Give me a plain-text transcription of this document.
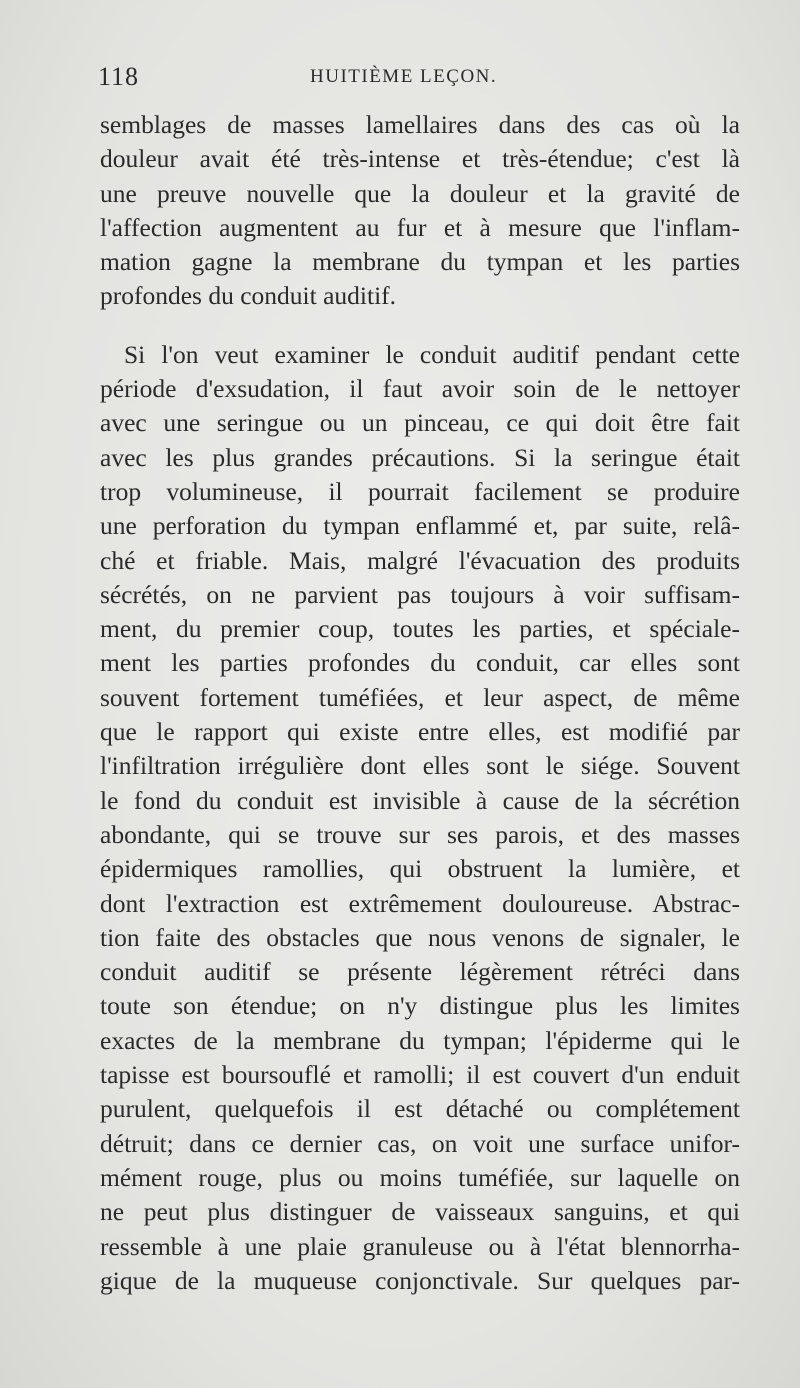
118	HUITIÈME LEÇON.
semblages de masses lamellaires dans des cas où la
douleur avait été très-intense et très-étendue; c'est là
une preuve nouvelle que la douleur et la gravité de
l'affection augmentent au fur et à mesure que l'inflam-
mation gagne la membrane du tympan et les parties
profondes du conduit auditif.
Si l'on veut examiner le conduit auditif pendant cette
période d'exsudation, il faut avoir soin de le nettoyer
avec une seringue ou un pinceau, ce qui doit être fait
avec les plus grandes précautions. Si la seringue était
trop volumineuse, il pourrait facilement se produire
une perforation du tympan enflammé et, par suite, relâ-
ché et friable. Mais, malgré l'évacuation des produits
sécrétés, on ne parvient pas toujours à voir suffisam-
ment, du premier coup, toutes les parties, et spéciale-
ment les parties profondes du conduit, car elles sont
souvent fortement tuméfiées, et leur aspect, de même
que le rapport qui existe entre elles, est modifié par
l'infiltration irrégulière dont elles sont le siége. Souvent
le fond du conduit est invisible à cause de la sécrétion
abondante, qui se trouve sur ses parois, et des masses
épidermiques ramollies, qui obstruent la lumière, et
dont l'extraction est extrêmement douloureuse. Abstrac-
tion faite des obstacles que nous venons de signaler, le
conduit auditif se présente légèrement rétréci dans
toute son étendue; on n'y distingue plus les limites
exactes de la membrane du tympan; l'épiderme qui le
tapisse est boursouflé et ramolli; il est couvert d'un enduit
purulent, quelquefois il est détaché ou complétement
détruit; dans ce dernier cas, on voit une surface unifor-
mément rouge, plus ou moins tuméfiée, sur laquelle on
ne peut plus distinguer de vaisseaux sanguins, et qui
ressemble à une plaie granuleuse ou à l'état blennorrha-
gique de la muqueuse conjonctivale. Sur quelques par-
